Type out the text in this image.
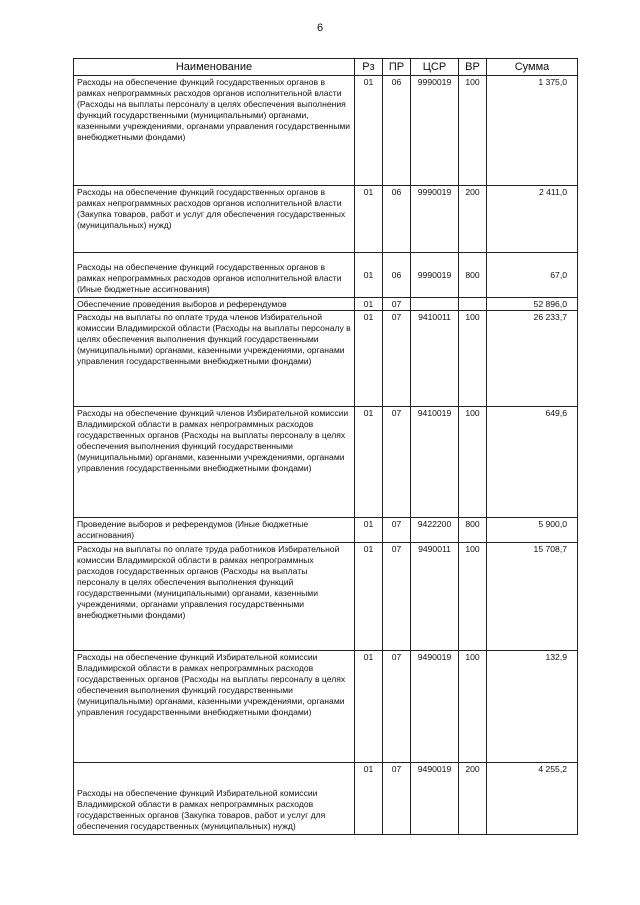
6
Наименование	Рз	ПР	ЦСР	ВР	Сумма
Расходы на обеспечение функций государственных органов в рамках непрограммных расходов органов исполнительной власти (Расходы на выплаты персоналу в целях обеспечения выполнения функций государственными (муниципальными) органами, казенными учреждениями, органами управления государственными внебюджетными фондами)	01	06	9990019	100	1 375,0
Расходы на обеспечение функций государственных органов в рамках непрограммных расходов органов исполнительной власти (Закупка товаров, работ и услуг для обеспечения государственных (муниципальных) нужд)	01	06	9990019	200	2 411,0
Расходы на обеспечение функций государственных органов в рамках непрограммных расходов органов исполнительной власти (Иные бюджетные ассигнования)	01	06	9990019	800	67,0
Обеспечение проведения выборов и референдумов	01	07			52 896,0
Расходы на выплаты по оплате труда членов Избирательной комиссии Владимирской области (Расходы на выплаты персоналу в целях обеспечения выполнения функций государственными (муниципальными) органами, казенными учреждениями, органами управления государственными внебюджетными фондами)	01	07	9410011	100	26 233,7
Расходы на обеспечение функций членов Избирательной комиссии Владимирской области в рамках непрограммных расходов государственных органов (Расходы на выплаты персоналу в целях обеспечения выполнения функций государственными (муниципальными) органами, казенными учреждениями, органами управления государственными внебюджетными фондами)	01	07	9410019	100	649,6
Проведение выборов и референдумов (Иные бюджетные ассигнования)	01	07	9422200	800	5 900,0
Расходы на выплаты по оплате труда работников Избирательной комиссии Владимирской области в рамках непрограммных расходов государственных органов (Расходы на выплаты персоналу в целях обеспечения выполнения функций государственными (муниципальными) органами, казенными учреждениями, органами управления государственными внебюджетными фондами)	01	07	9490011	100	15 708,7
Расходы на обеспечение функций Избирательной комиссии Владимирской области в рамках непрограммных расходов государственных органов (Расходы на выплаты персоналу в целях обеспечения выполнения функций государственными (муниципальными) органами, казенными учреждениями, органами управления государственными внебюджетными фондами)	01	07	9490019	100	132,9
Расходы на обеспечение функций Избирательной комиссии Владимирской области в рамках непрограммных расходов государственных органов (Закупка товаров, работ и услуг для обеспечения государственных (муниципальных) нужд)	01	07	9490019	200	4 255,2
